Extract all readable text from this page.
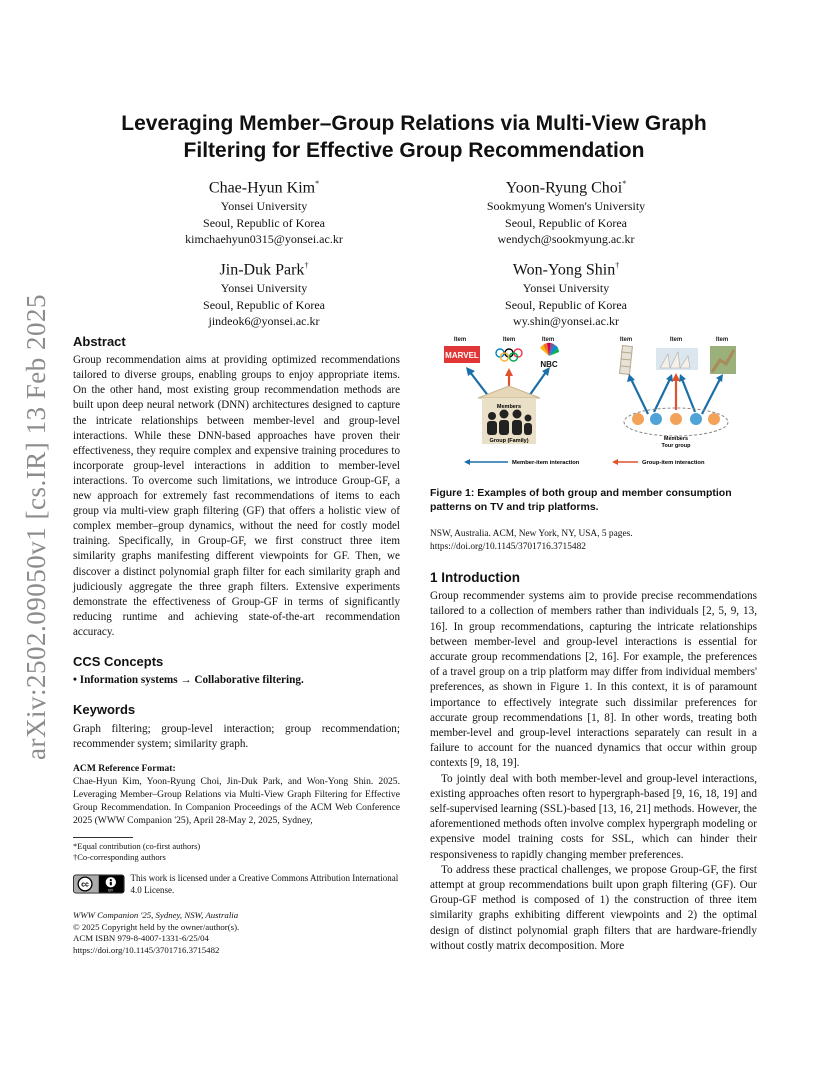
arXiv:2502.09050v1 [cs.IR] 13 Feb 2025
Leveraging Member–Group Relations via Multi-View Graph
Filtering for Effective Group Recommendation
Chae-Hyun Kim*
Yonsei University
Seoul, Republic of Korea
kimchaehyun0315@yonsei.ac.kr
Yoon-Ryung Choi*
Sookmyung Women's University
Seoul, Republic of Korea
wendych@sookmyung.ac.kr
Jin-Duk Park†
Yonsei University
Seoul, Republic of Korea
jindeok6@yonsei.ac.kr
Won-Yong Shin†
Yonsei University
Seoul, Republic of Korea
wy.shin@yonsei.ac.kr
Abstract

Group recommendation aims at providing optimized recommendations tailored to diverse groups, enabling groups to enjoy appropriate items. On the other hand, most existing group recommendation methods are built upon deep neural network (DNN) architectures designed to capture the intricate relationships between member-level and group-level interactions. While these DNN-based approaches have proven their effectiveness, they require complex and expensive training procedures to incorporate group-level interactions in addition to member-level interactions. To overcome such limitations, we introduce Group-GF, a new approach for extremely fast recommendations of items to each group via multi-view graph filtering (GF) that offers a holistic view of complex member–group dynamics, without the need for costly model training. Specifically, in Group-GF, we first construct three item similarity graphs manifesting different viewpoints for GF. Then, we discover a distinct polynomial graph filter for each similarity graph and judiciously aggregate the three graph filters. Extensive experiments demonstrate the effectiveness of Group-GF in terms of significantly reducing runtime and achieving state-of-the-art recommendation accuracy.

CCS Concepts

• Information systems → Collaborative filtering.

Keywords

Graph filtering; group-level interaction; group recommendation; recommender system; similarity graph.

ACM Reference Format:
Chae-Hyun Kim, Yoon-Ryung Choi, Jin-Duk Park, and Won-Yong Shin. 2025. Leveraging Member–Group Relations via Multi-View Graph Filtering for Effective Group Recommendation. In Companion Proceedings of the ACM Web Conference 2025 (WWW Companion '25), April 28-May 2, 2025, Sydney,
*Equal contribution (co-first authors)
†Co-corresponding authors
cc
BY
This work is licensed under a Creative Commons Attribution International 4.0 License.
WWW Companion '25, Sydney, NSW, Australia
© 2025 Copyright held by the owner/author(s).
ACM ISBN 979-8-4007-1331-6/25/04
https://doi.org/10.1145/3701716.3715482
Item	Item	Item	Item	Item	Item
MARVEL
NBC
Members
Group (Family)	Members
Tour group
Member-item interaction	Group-item interaction
Figure 1: Examples of both group and member consumption patterns on TV and trip platforms.
NSW, Australia. ACM, New York, NY, USA, 5 pages. https://doi.org/10.1145/3701716.3715482
1 Introduction

Group recommender systems aim to provide precise recommendations tailored to a collection of members rather than individuals [2, 5, 9, 13, 16]. In group recommendations, capturing the intricate relationships between member-level and group-level interactions is essential for accurate group recommendations [2, 16]. For example, the preferences of a travel group on a trip platform may differ from individual members' preferences, as shown in Figure 1. In this context, it is of paramount importance to effectively integrate such dissimilar preferences for accurate group recommendations [1, 8]. In other words, treating both member-level and group-level interactions separately can result in a failure to account for the nuanced dynamics that occur within group contexts [9, 18, 19].

To jointly deal with both member-level and group-level interactions, existing approaches often resort to hypergraph-based [9, 16, 18, 19] and self-supervised learning (SSL)-based [13, 16, 21] methods. However, the aforementioned methods often involve complex hypergraph modeling or expensive model training costs for SSL, which can hinder their responsiveness to rapidly changing member preferences.

To address these practical challenges, we propose Group-GF, the first attempt at group recommendations built upon graph filtering (GF). Our Group-GF method is composed of 1) the construction of three item similarity graphs exhibiting different viewpoints and 2) the optimal design of distinct polynomial graph filters that are hardware-friendly without costly matrix decomposition. More
